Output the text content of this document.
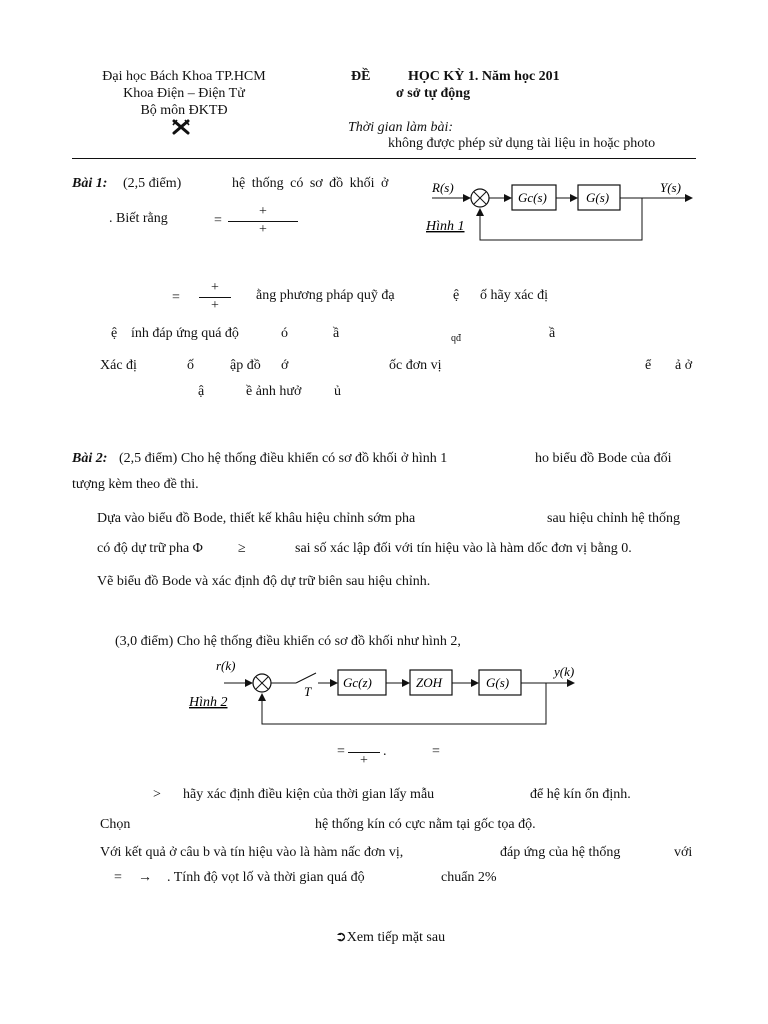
Đại học Bách Khoa TP.HCM
Khoa Điện – Điện Tử
Bộ môn ĐKTĐ
ĐỀ	HỌC KỲ 1. Năm học 201
ơ sở tự động
Thời gian làm bài:
không được phép sử dụng tài liệu in hoặc photo
Bài 1: (2,5 điểm)	hệ thống có sơ đồ khối ở
. Biết rằng	=
+
+
R(s)
Gc(s)	G(s)
Y(s)
Hình 1
=
+
+
ằng phương pháp quỹ đạ	ệ ố hãy xác đị
ệ ính đáp ứng quá độ	ó	ầ	qđ	ầ
Xác đị	ố	ập đồ ớ	ốc đơn vị	ể ả ở
ậ	ề ảnh hưở ủ
Bài 2: (2,5 điểm) Cho hệ thống điều khiển có sơ đồ khối ở hình 1	ho biểu đồ Bode của đối
tượng kèm theo đề thi.
Dựa vào biểu đồ Bode, thiết kế khâu hiệu chỉnh sớm pha	sau hiệu chỉnh hệ thống
có độ dự trữ pha Φ	≥	sai số xác lập đối với tín hiệu vào là hàm dốc đơn vị bằng 0.
Vẽ biểu đồ Bode và xác định độ dự trữ biên sau hiệu chỉnh.
(3,0 điểm) Cho hệ thống điều khiển có sơ đồ khối như hình 2,
r(k)
T
Gc(z)	ZOH	G(s)
y(k)
Hình 2
=
+
.	=
> hãy xác định điều kiện của thời gian lấy mẫu	để hệ kín ổn định.
Chọn	hệ thống kín có cực nằm tại gốc tọa độ.
Với kết quả ở câu b và tín hiệu vào là hàm nấc đơn vị,	đáp ứng của hệ thống	với
= → . Tính độ vọt lố và thời gian quá độ	chuẩn 2%
➲Xem tiếp mặt sau
